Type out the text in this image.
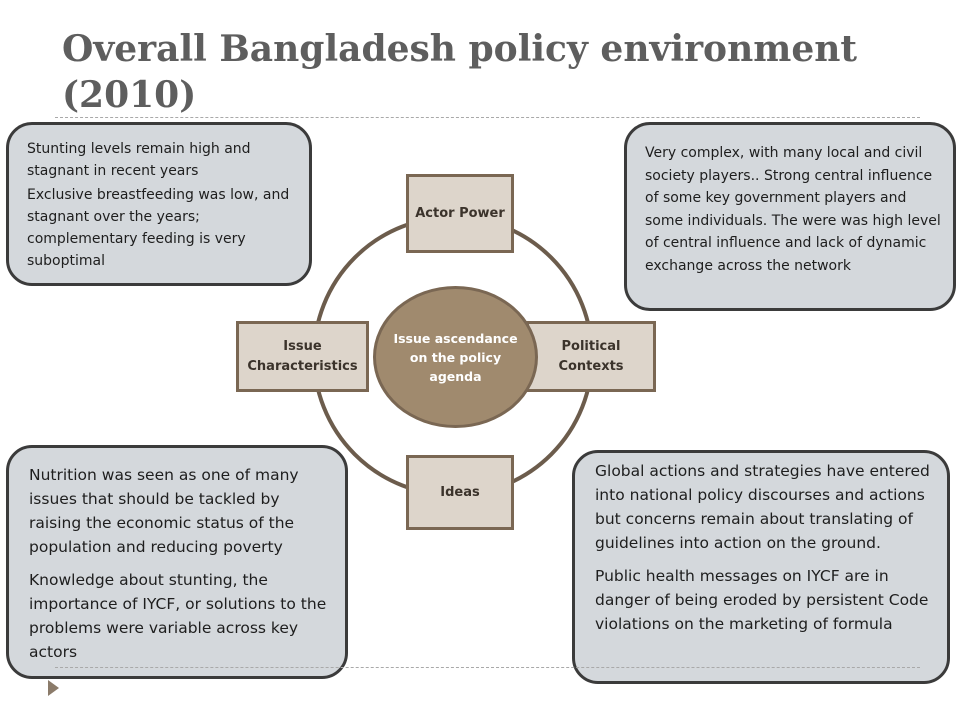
Overall Bangladesh policy environment (2010)
Actor Power
Issue Characteristics
Political Contexts
Ideas
Issue ascendance on the policy agenda

Stunting levels remain high and stagnant in recent years

Exclusive breastfeeding was low, and stagnant over the years; complementary feeding is very suboptimal

Very complex, with many local and civil society players.. Strong central influence of some key government players and some individuals. The were was high level of central influence and lack of dynamic exchange across the network

Nutrition was seen as one of many issues that should be tackled by raising the economic status of the population and reducing poverty

Knowledge about stunting, the importance of IYCF, or solutions to the problems were variable across key actors

Global actions and strategies have entered into national policy discourses and actions but concerns remain about translating of guidelines into action on the ground.

Public health messages on IYCF are in danger of being eroded by persistent Code violations on the marketing of formula
